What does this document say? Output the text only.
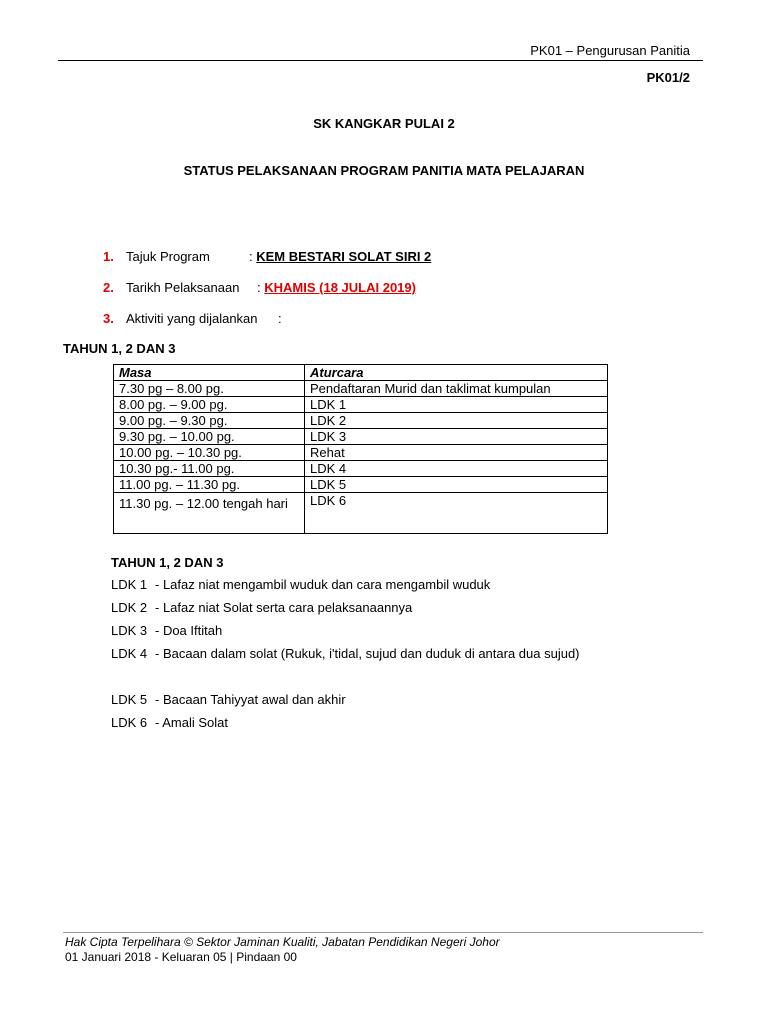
PK01 – Pengurusan Panitia
PK01/2
SK KANGKAR PULAI 2
STATUS PELAKSANAAN PROGRAM PANITIA MATA PELAJARAN
1. Tajuk Program	: KEM BESTARI SOLAT SIRI 2
2. Tarikh Pelaksanaan : KHAMIS (18 JULAI 2019)
3. Aktiviti yang dijalankan :
TAHUN 1, 2 DAN 3
Masa	Aturcara
7.30 pg – 8.00 pg.	Pendaftaran Murid dan taklimat kumpulan
8.00 pg. – 9.00 pg.	LDK 1
9.00 pg. – 9.30 pg.	LDK 2
9.30 pg. – 10.00 pg.	LDK 3
10.00 pg. – 10.30 pg.	Rehat
10.30 pg.- 11.00 pg.	LDK 4
11.00 pg. – 11.30 pg.	LDK 5
11.30 pg. – 12.00 tengah hari	LDK 6
TAHUN 1, 2 DAN 3
LDK 1 - Lafaz niat mengambil wuduk dan cara mengambil wuduk
LDK 2 - Lafaz niat Solat serta cara pelaksanaannya
LDK 3 - Doa Iftitah
LDK 4 - Bacaan dalam solat (Rukuk, i'tidal, sujud dan duduk di antara dua sujud)
LDK 5 - Bacaan Tahiyyat awal dan akhir
LDK 6 - Amali Solat
Hak Cipta Terpelihara © Sektor Jaminan Kualiti, Jabatan Pendidikan Negeri Johor
01 Januari 2018 - Keluaran 05 | Pindaan 00
